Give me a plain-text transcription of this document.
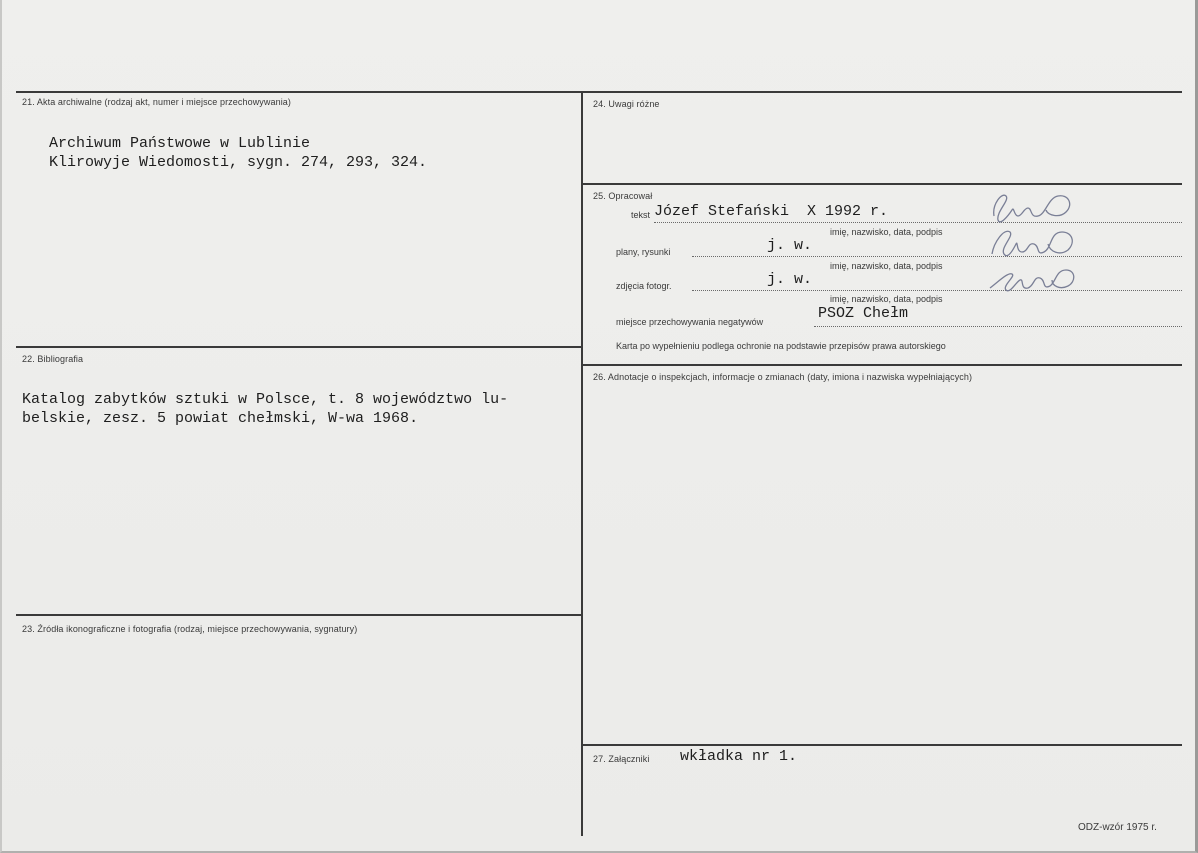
21. Akta archiwalne (rodzaj akt, numer i miejsce przechowywania)
Archiwum Państwowe w Lublinie
Klirowyje Wiedomosti, sygn. 274, 293, 324.
22. Bibliografia
Katalog zabytków sztuki w Polsce, t. 8 województwo lu-
belskie, zesz. 5 powiat chełmski, W-wa 1968.
23. Źródła ikonograficzne i fotografia (rodzaj, miejsce przechowywania, sygnatury)
24. Uwagi różne
25. Opracował
tekst Józef Stefański  X 1992 r.
imię, nazwisko, data, podpis
plany, rysunki	j. w.
imię, nazwisko, data, podpis
zdjęcia fotogr.	j. w.
imię, nazwisko, data, podpis
miejsce przechowywania negatywów	PSOZ Chełm
Karta po wypełnieniu podlega ochronie na podstawie przepisów prawa autorskiego
26. Adnotacje o inspekcjach, informacje o zmianach (daty, imiona i nazwiska wypełniających)
27. Załączniki wkładka nr 1.
ODZ-wzór 1975 r.
